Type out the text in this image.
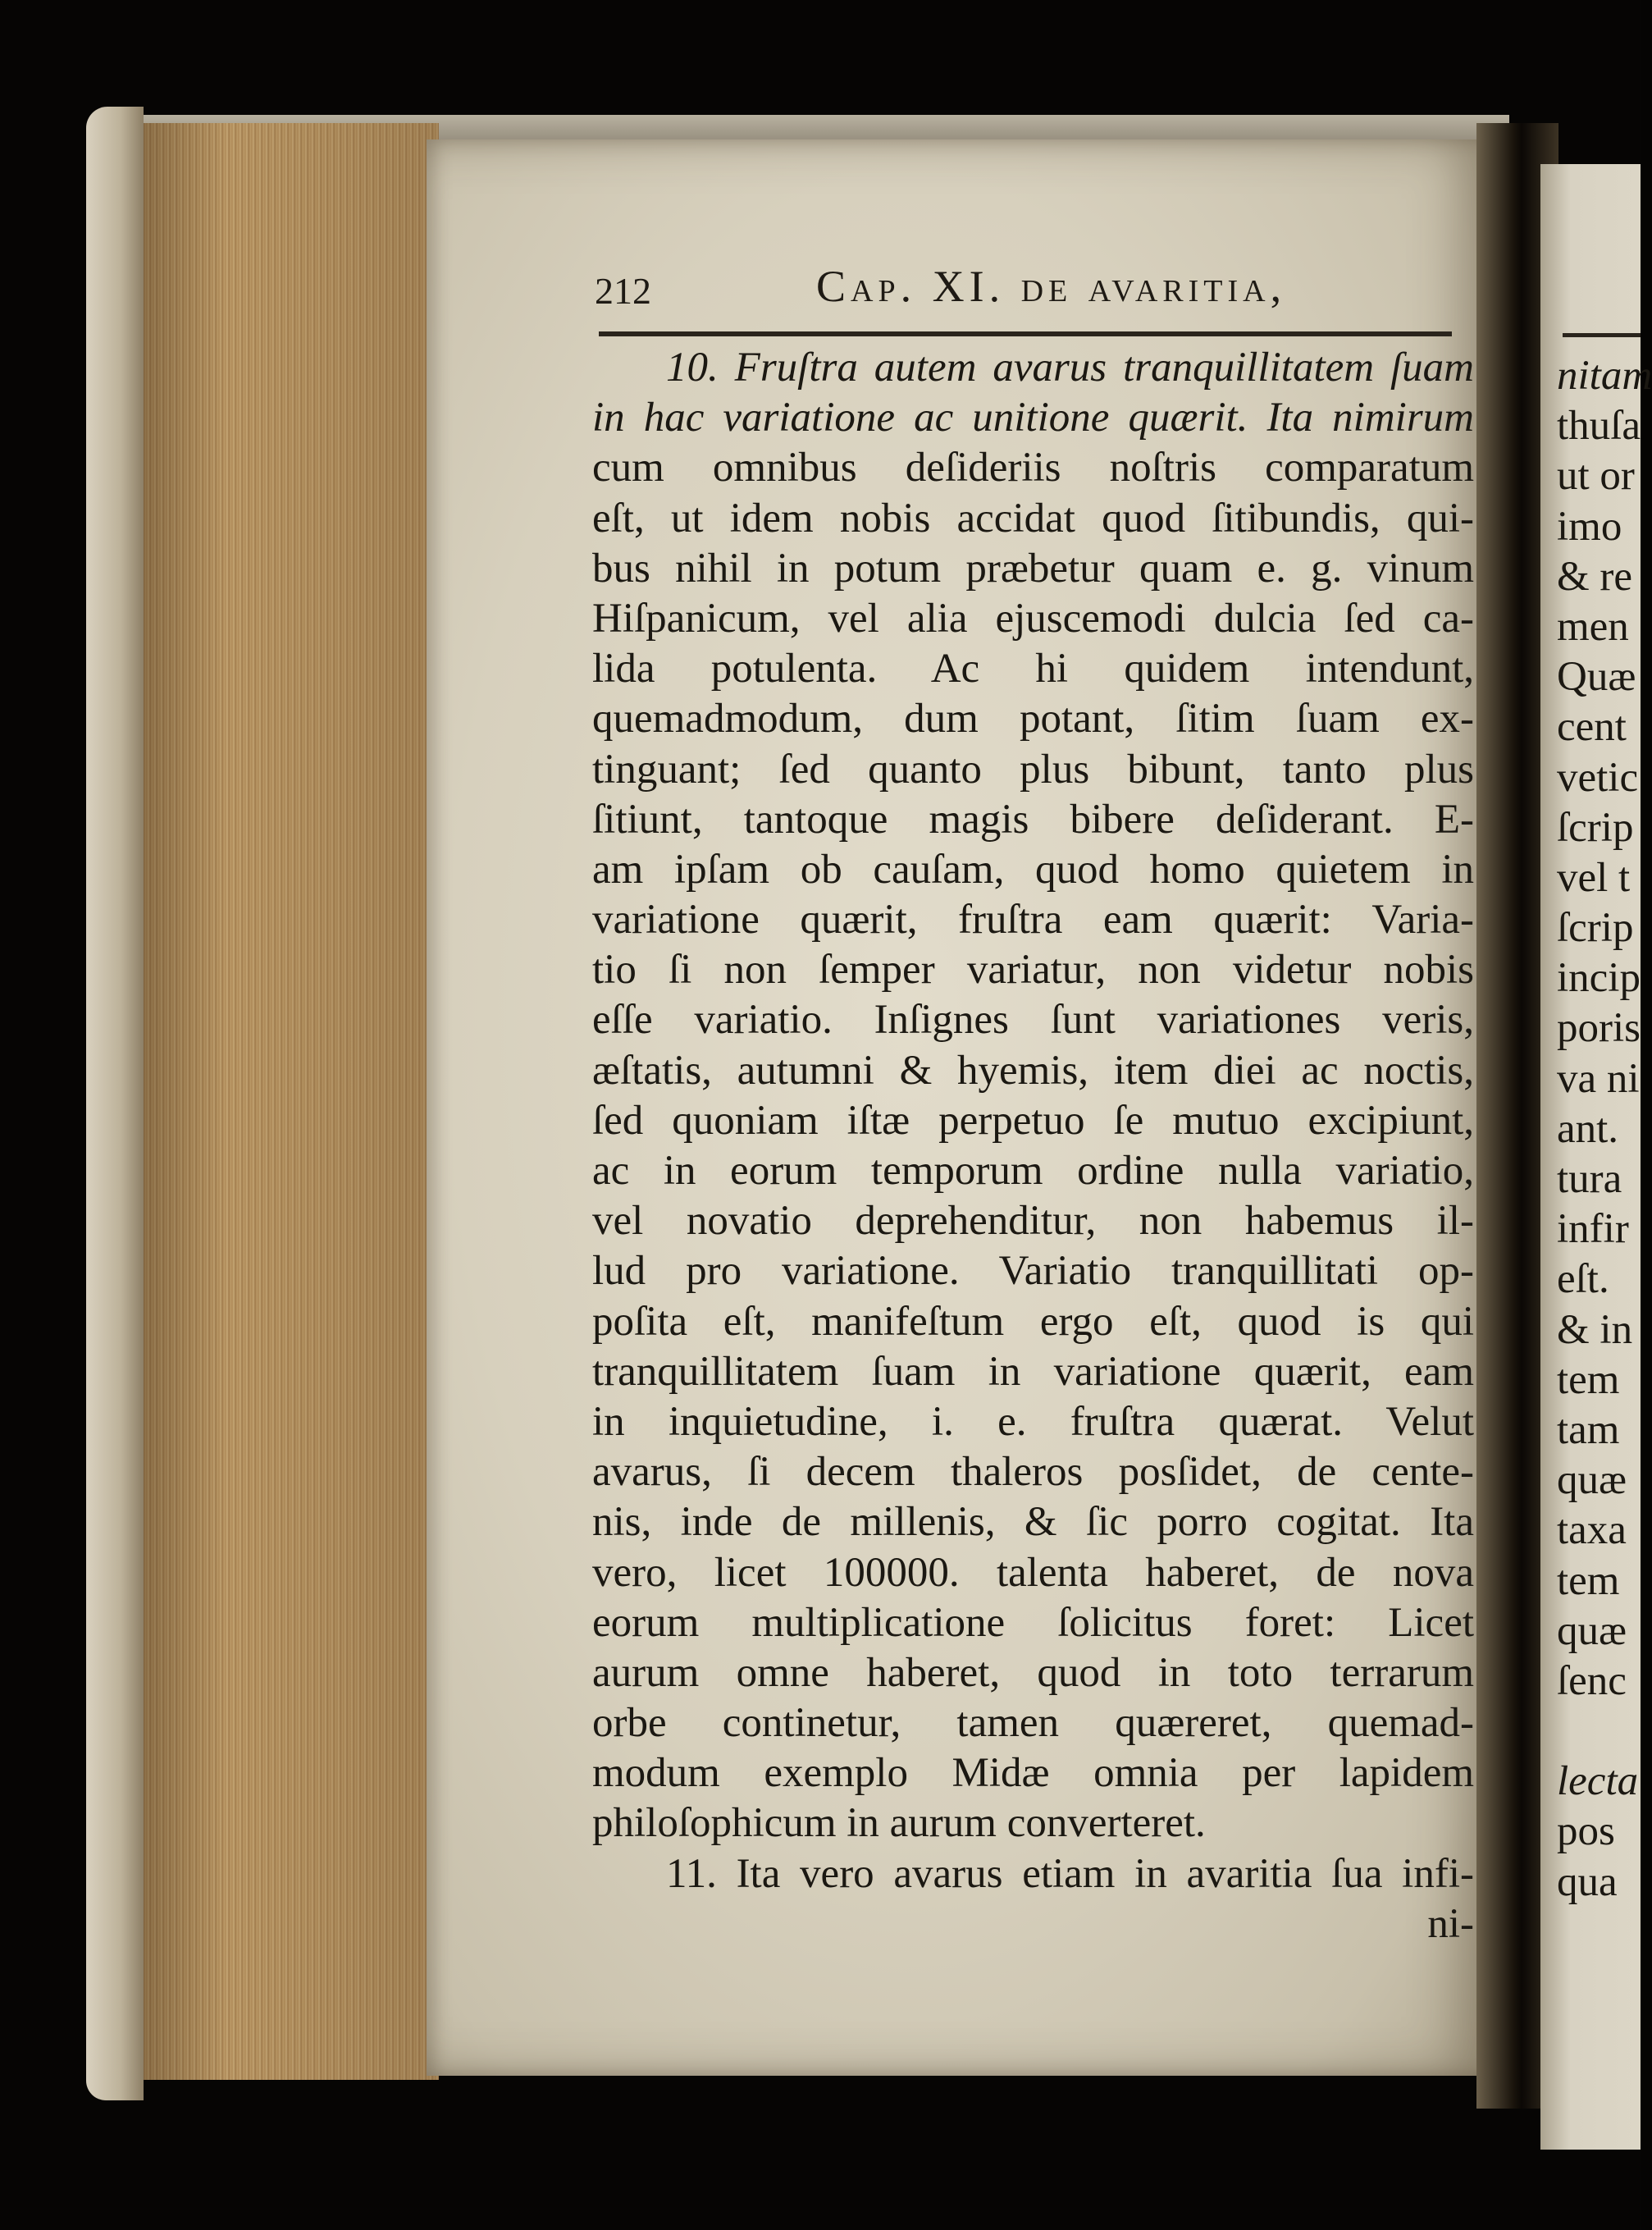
212	Cap. XI. de avaritia,
10. Fruſtra autem avarus tranquillitatem ſuam
in hac variatione ac unitione quærit. Ita nimirum
cum omnibus deſideriis noſtris comparatum
eſt, ut idem nobis accidat quod ſitibundis, qui-
bus nihil in potum præbetur quam e. g. vinum
Hiſpanicum, vel alia ejuscemodi dulcia ſed ca-
lida potulenta. Ac hi quidem intendunt,
quemadmodum, dum potant, ſitim ſuam ex-
tinguant; ſed quanto plus bibunt, tanto plus
ſitiunt, tantoque magis bibere deſiderant. E-
am ipſam ob cauſam, quod homo quietem in
variatione quærit, fruſtra eam quærit: Varia-
tio ſi non ſemper variatur, non videtur nobis
eſſe variatio. Inſignes ſunt variationes veris,
æſtatis, autumni & hyemis, item diei ac noctis,
ſed quoniam iſtæ perpetuo ſe mutuo excipiunt,
ac in eorum temporum ordine nulla variatio,
vel novatio deprehenditur, non habemus il-
lud pro variatione. Variatio tranquillitati op-
poſita eſt, manifeſtum ergo eſt, quod is qui
tranquillitatem ſuam in variatione quærit, eam
in inquietudine, i. e. fruſtra quærat. Velut
avarus, ſi decem thaleros posſidet, de cente-
nis, inde de millenis, & ſic porro cogitat. Ita
vero, licet 100000. talenta haberet, de nova
eorum multiplicatione ſolicitus foret: Licet
aurum omne haberet, quod in toto terrarum
orbe continetur, tamen quæreret, quemad-
modum exemplo Midæ omnia per lapidem
philoſophicum in aurum converteret.
11. Ita vero avarus etiam in avaritia ſua infi-
ni-
nitam
thuſa
ut or
imo
& re
men
Quæ
cent
vetic
ſcrip
vel t
ſcrip
incip
poris
va ni
ant.
tura
infir
eſt.
& in
tem
tam
quæ
taxa
tem
quæ
ſenc
lecta
pos
qua
